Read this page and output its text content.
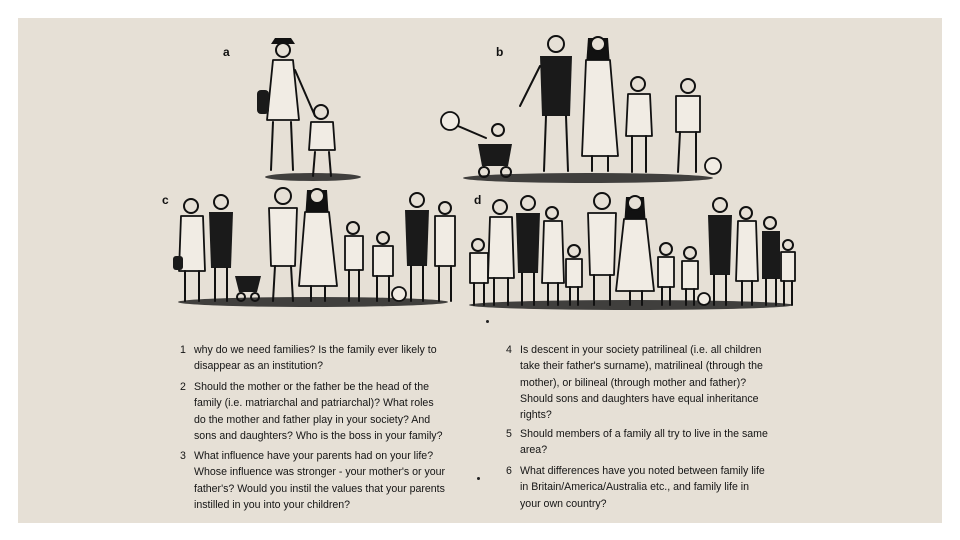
a	b
c	d
1 why do we need families? Is the family ever likely to
disappear as an institution?
2 Should the mother or the father be the head of the
family (i.e. matriarchal and patriarchal)? What roles
do the mother and father play in your society? And
sons and daughters? Who is the boss in your family?
3 What influence have your parents had on your life?
Whose influence was stronger - your mother's or your
father's? Would you instil the values that your parents
instilled in you into your children?
4 Is descent in your society patrilineal (i.e. all children
take their father's surname), matrilineal (through the
mother), or bilineal (through mother and father)?
Should sons and daughters have equal inheritance
rights?
5 Should members of a family all try to live in the same
area?
6 What differences have you noted between family life
in Britain/America/Australia etc., and family life in
your own country?
